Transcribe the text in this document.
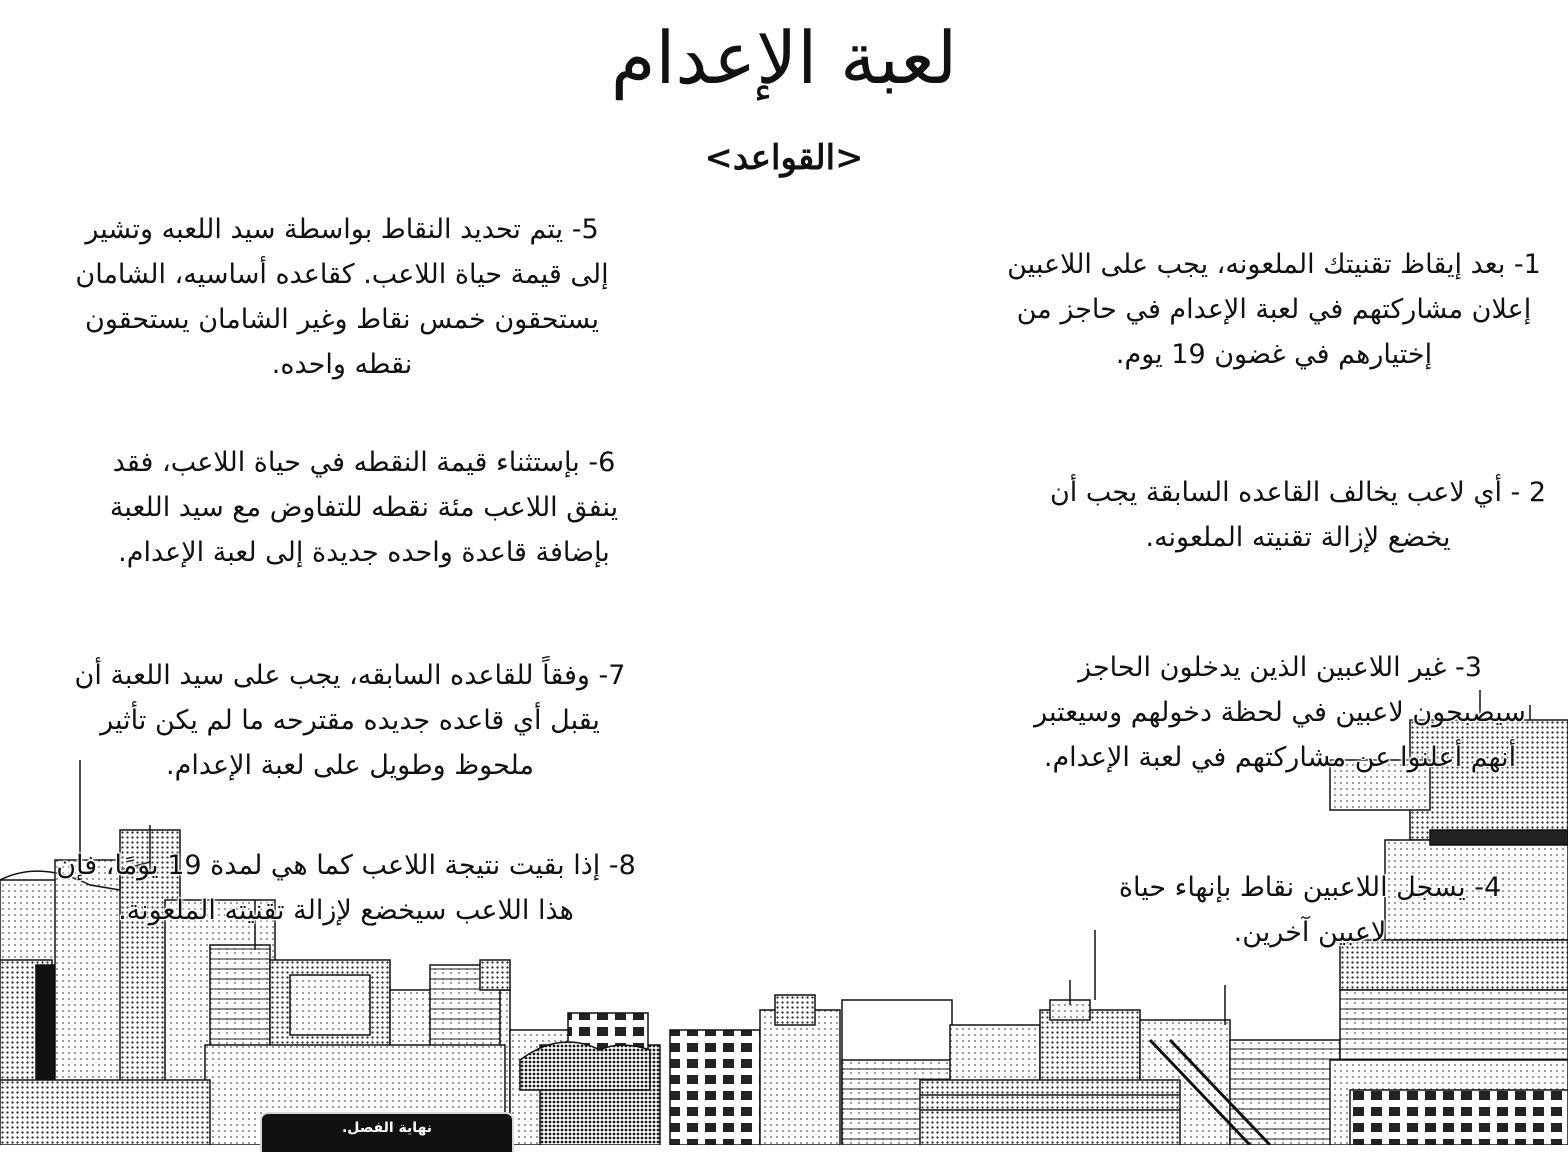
لعبة الإعدام
<القواعد>

1- بعد إيقاظ تقنيتك الملعونه، يجب على اللاعبين إعلان مشاركتهم في لعبة الإعدام في حاجز من إختيارهم في غضون 19 يوم.

2 - أي لاعب يخالف القاعده السابقة يجب أن يخضع لإزالة تقنيته الملعونه.

3- غير اللاعبين الذين يدخلون الحاجز سيصبحون لاعبين في لحظة دخولهم وسيعتبر أنهم أعلنوا عن مشاركتهم في لعبة الإعدام.

4- يسجل اللاعبين نقاط بإنهاء حياة لاعبين آخرين.

5- يتم تحديد النقاط بواسطة سيد اللعبه وتشير إلى قيمة حياة اللاعب. كقاعده أساسيه، الشامان يستحقون خمس نقاط وغير الشامان يستحقون نقطه واحده.

6- بإستثناء قيمة النقطه في حياة اللاعب، فقد ينفق اللاعب مئة نقطه للتفاوض مع سيد اللعبة بإضافة قاعدة واحده جديدة إلى لعبة الإعدام.

7- وفقاً للقاعده السابقه، يجب على سيد اللعبة أن يقبل أي قاعده جديده مقترحه ما لم يكن تأثير ملحوظ وطويل على لعبة الإعدام.

8- إذا بقيت نتيجة اللاعب كما هي لمدة 19 يومًا، فإن هذا اللاعب سيخضع لإزالة تقنيته الملعونة.

نهاية الفصل.
